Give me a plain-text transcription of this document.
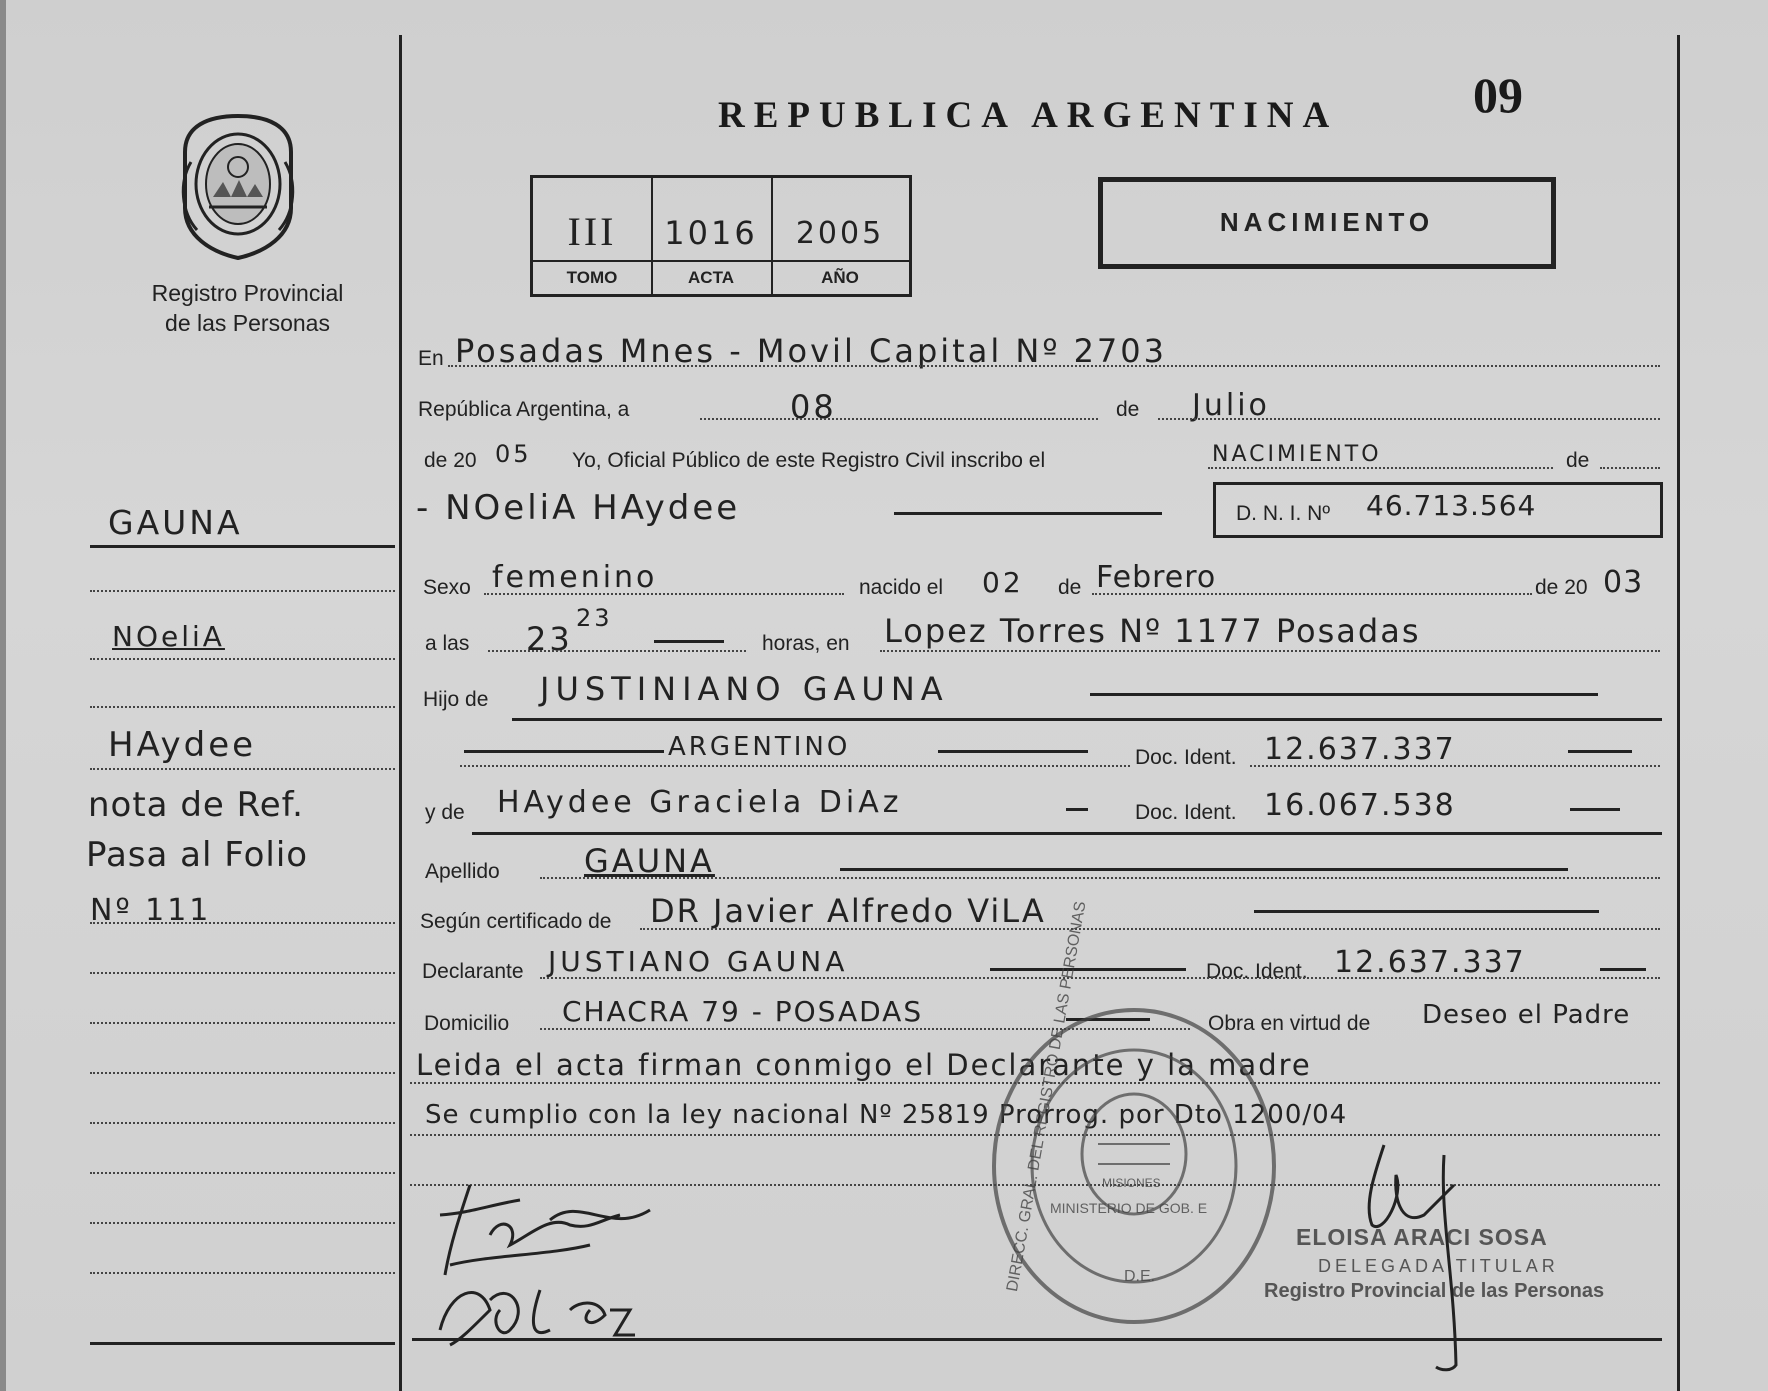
Registro Provincial
de las Personas
REPUBLICA ARGENTINA	09
III	1016	2005
TOMO	ACTA	AÑO
NACIMIENTO
GAUNA
NOeliA
HAydee
nota de Ref.
Pasa al Folio
Nº 111
En Posadas Mnes - Movil Capital Nº 2703
República Argentina, a	08	de Julio
de 20 05 Yo, Oficial Público de este Registro Civil inscribo el	NACIMIENTO	de
- NOeliA HAydee	D. N. I. Nº 46.713.564
Sexo femenino	nacido el 02 de Febrero	de 20 03
a las 23
23
horas, en Lopez Torres Nº 1177 Posadas
Hijo de JUSTINIANO GAUNA
ARGENTINO	Doc. Ident. 12.637.337
y de HAydee Graciela DiAz	Doc. Ident. 16.067.538
Apellido	GAUNA
Según certificado de DR Javier Alfredo ViLA
Declarante JUSTIANO GAUNA	Doc. Ident. 12.637.337
Domicilio CHACRA 79 - POSADAS	Obra en virtud de Deseo el Padre
Leida el acta firman conmigo el Declarante y la madre
Se cumplio con la ley nacional Nº 25819 Prorrog. por Dto 1200/04
DIRECC. GRAL. DEL REGISTRO DE LAS PERSONAS
MINISTERIO DE GOB. E
MISIONES
D.E.
ELOISA ARACI SOSA
DELEGADA TITULAR
Registro Provincial de las Personas
